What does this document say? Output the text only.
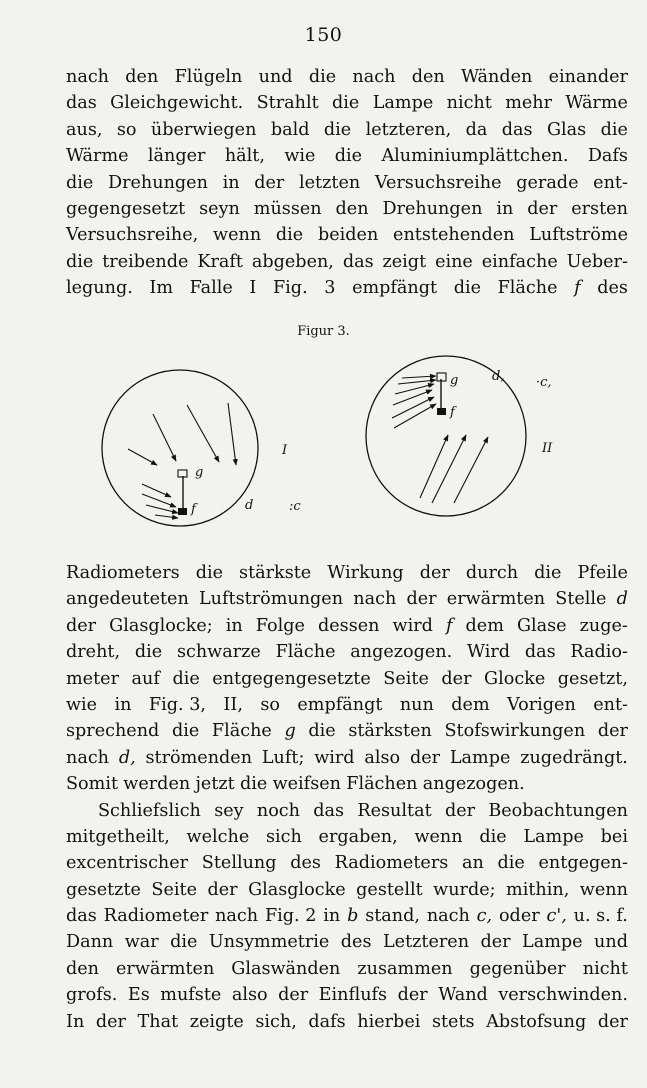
150
nach den Flügeln und die nach den Wänden einander
das Gleichgewicht. Strahlt die Lampe nicht mehr Wärme
aus, so überwiegen bald die letzteren, da das Glas die
Wärme länger hält, wie die Aluminiumplättchen. Dafs
die Drehungen in der letzten Versuchsreihe gerade ent-
gegengesetzt seyn müssen den Drehungen in der ersten
Versuchsreihe, wenn die beiden entstehenden Luftströme
die treibende Kraft abgeben, das zeigt eine einfache Ueber-
legung. Im Falle I Fig. 3 empfängt die Fläche f des
Figur 3.
g
f	d	:c
I
g
f
d, ·c,
II
Radiometers die stärkste Wirkung der durch die Pfeile
angedeuteten Luftströmungen nach der erwärmten Stelle d
der Glasglocke; in Folge dessen wird f dem Glase zuge-
dreht, die schwarze Fläche angezogen. Wird das Radio-
meter auf die entgegengesetzte Seite der Glocke gesetzt,
wie in Fig. 3, II, so empfängt nun dem Vorigen ent-
sprechend die Fläche g die stärksten Stofswirkungen der
nach d, strömenden Luft; wird also der Lampe zugedrängt.
Somit werden jetzt die weifsen Flächen angezogen.
Schliefslich sey noch das Resultat der Beobachtungen
mitgetheilt, welche sich ergaben, wenn die Lampe bei
excentrischer Stellung des Radiometers an die entgegen-
gesetzte Seite der Glasglocke gestellt wurde; mithin, wenn
das Radiometer nach Fig. 2 in b stand, nach c, oder c', u. s. f.
Dann war die Unsymmetrie des Letzteren der Lampe und
den erwärmten Glaswänden zusammen gegenüber nicht
grofs. Es mufste also der Einflufs der Wand verschwinden.
In der That zeigte sich, dafs hierbei stets Abstofsung der
